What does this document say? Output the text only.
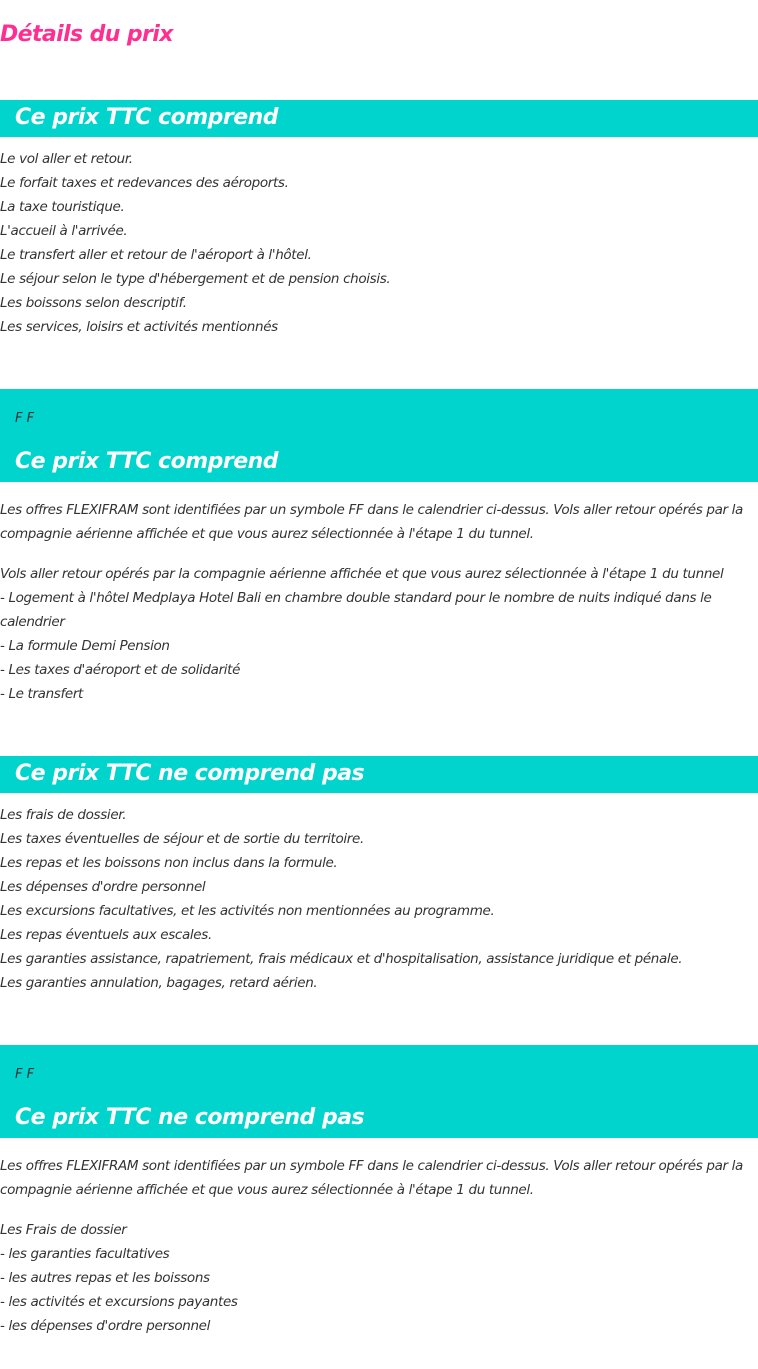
Détails du prix
Ce prix TTC comprend
Le vol aller et retour.
Le forfait taxes et redevances des aéroports.
La taxe touristique.
L'accueil à l'arrivée.
Le transfert aller et retour de l'aéroport à l'hôtel.
Le séjour selon le type d'hébergement et de pension choisis.
Les boissons selon descriptif.
Les services, loisirs et activités mentionnés
F F
Ce prix TTC comprend

Les offres FLEXIFRAM sont identifiées par un symbole FF dans le calendrier ci-dessus. Vols aller retour opérés par la
compagnie aérienne affichée et que vous aurez sélectionnée à l'étape 1 du tunnel.

Vols aller retour opérés par la compagnie aérienne affichée et que vous aurez sélectionnée à l'étape 1 du tunnel
- Logement à l'hôtel Medplaya Hotel Bali en chambre double standard pour le nombre de nuits indiqué dans le
calendrier
- La formule Demi Pension
- Les taxes d'aéroport et de solidarité
- Le transfert
Ce prix TTC ne comprend pas
Les frais de dossier.
Les taxes éventuelles de séjour et de sortie du territoire.
Les repas et les boissons non inclus dans la formule.
Les dépenses d'ordre personnel
Les excursions facultatives, et les activités non mentionnées au programme.
Les repas éventuels aux escales.
Les garanties assistance, rapatriement, frais médicaux et d'hospitalisation, assistance juridique et pénale.
Les garanties annulation, bagages, retard aérien.
F F
Ce prix TTC ne comprend pas

Les offres FLEXIFRAM sont identifiées par un symbole FF dans le calendrier ci-dessus. Vols aller retour opérés par la
compagnie aérienne affichée et que vous aurez sélectionnée à l'étape 1 du tunnel.

Les Frais de dossier
- les garanties facultatives
- les autres repas et les boissons
- les activités et excursions payantes
- les dépenses d'ordre personnel
